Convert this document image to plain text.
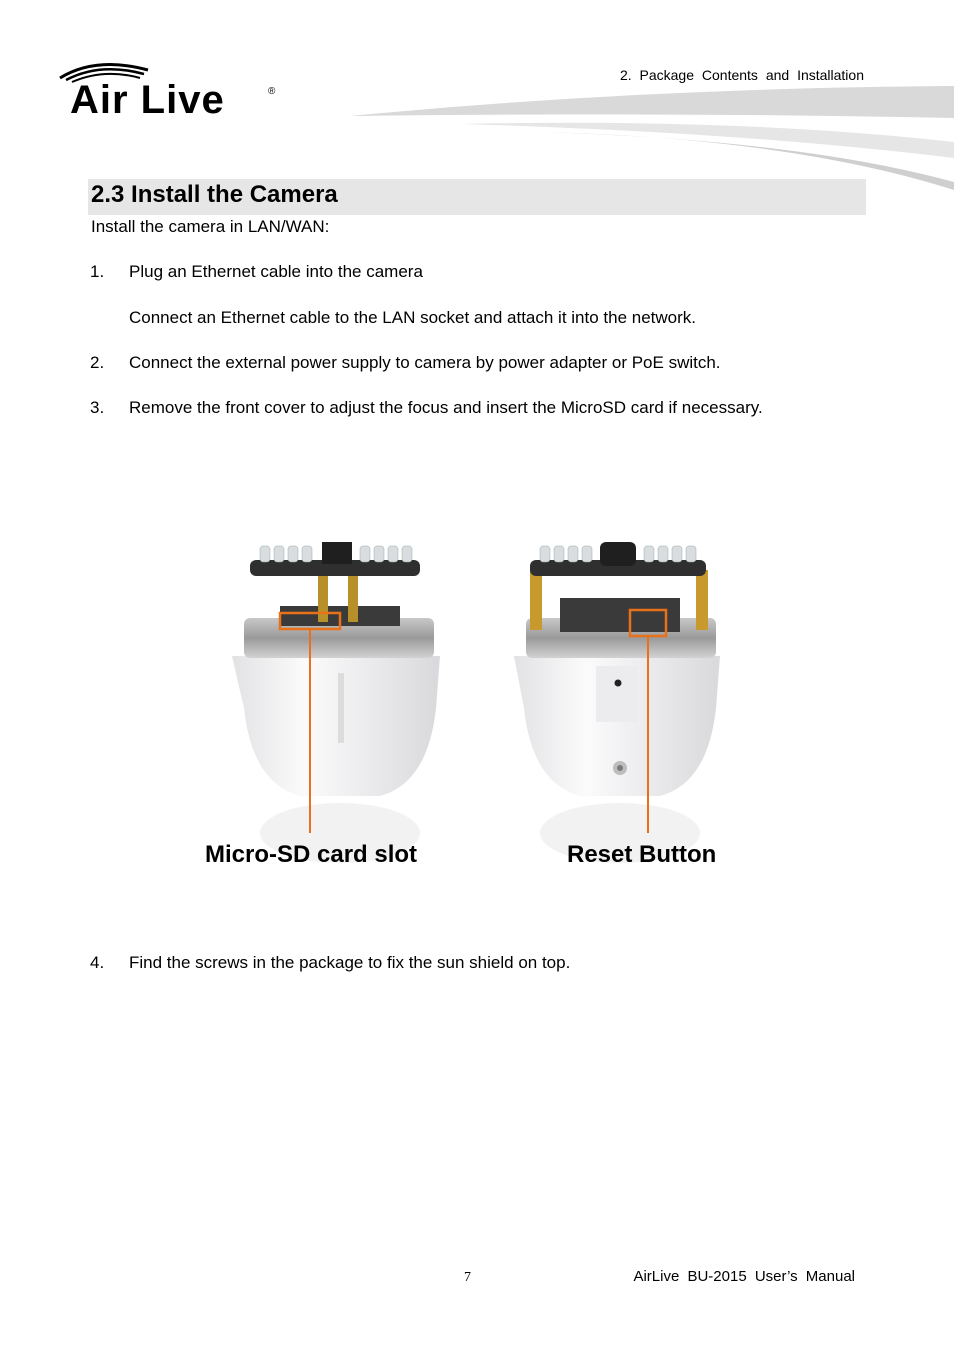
Air Live	®
2. Package Contents and Installation
2.3 Install the Camera
Install the camera in LAN/WAN:
1. Plug an Ethernet cable into the camera
Connect an Ethernet cable to the LAN socket and attach it into the network.
2. Connect the external power supply to camera by power adapter or PoE switch.
3. Remove the front cover to adjust the focus and insert the MicroSD card if necessary.
Micro-SD card slot	Reset Button
4. Find the screws in the package to fix the sun shield on top.
7	AirLive BU-2015 User’s Manual
